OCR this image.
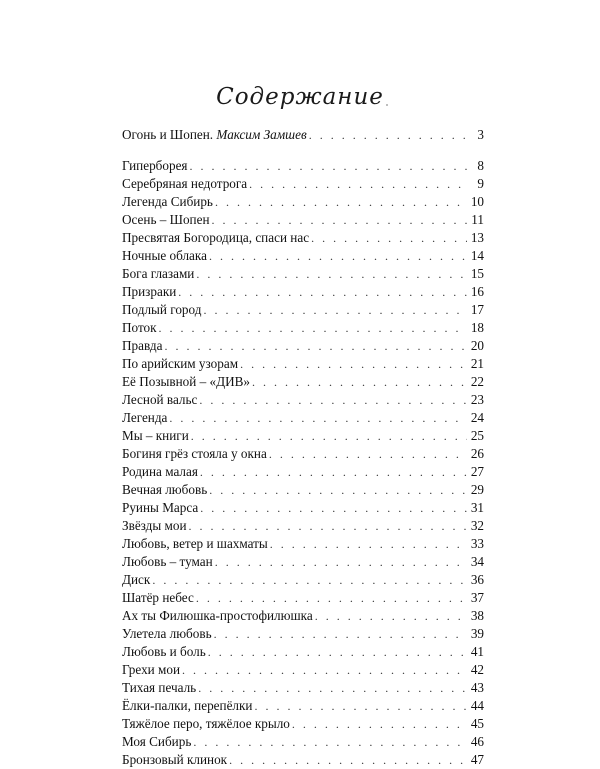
Содержание
Огонь и Шопен. Максим Замшев . . .	3
Гиперборея . . .	8
Серебряная недотрога . . .	9
Легенда Сибирь . . .	10
Осень – Шопен . . .	11
Пресвятая Богородица, спаси нас . . .	13
Ночные облака . . .	14
Бога глазами . . .	15
Призраки . . .	16
Подлый город . . .	17
Поток . . .	18
Правда . . .	20
По арийским узорам . . .	21
Её Позывной – «ДИВ» . . .	22
Лесной вальс . . .	23
Легенда . . .	24
Мы – книги . . .	25
Богиня грёз стояла у окна . . .	26
Родина малая . . .	27
Вечная любовь . . .	29
Руины Марса . . .	31
Звёзды мои . . .	32
Любовь, ветер и шахматы . . .	33
Любовь – туман . . .	34
Диск . . .	36
Шатёр небес . . .	37
Ах ты Филюшка-простофилюшка . . .	38
Улетела любовь . . .	39
Любовь и боль . . .	41
Грехи мои . . .	42
Тихая печаль . . .	43
Ёлки-палки, перепёлки . . .	44
Тяжёлое перо, тяжёлое крыло . . .	45
Моя Сибирь . . .	46
Бронзовый клинок . . .	47
